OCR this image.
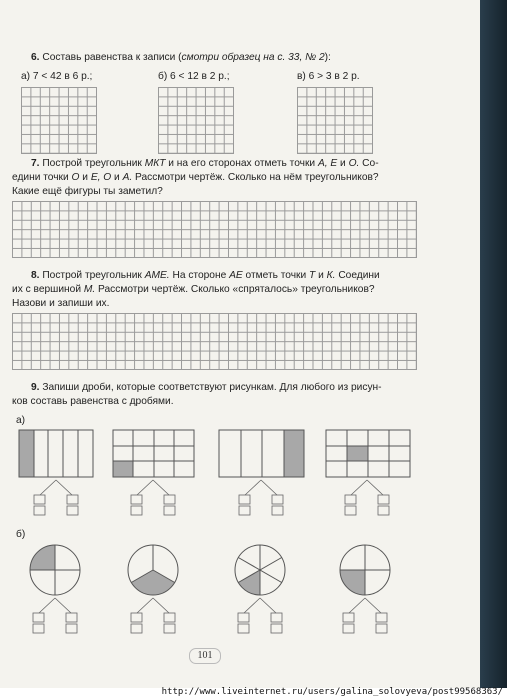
6. Составь равенства к записи (смотри образец на с. 33, № 2):
а) 7 < 42 в 6 р.;	б) 6 < 12 в 2 р.;	в) 6 > 3 в 2 р.
7. Построй треугольник МКТ и на его сторонах отметь точки А, Е и О. Со-
едини точки О и Е, О и А. Рассмотри чертёж. Сколько на нём треугольников?
Какие ещё фигуры ты заметил?
8. Построй треугольник АМЕ. На стороне АЕ отметь точки Т и К. Соедини
их с вершиной М. Рассмотри чертёж. Сколько «спряталось» треугольников?
Назови и запиши их.
9. Запиши дроби, которые соответствуют рисункам. Для любого из рисун-
ков составь равенства с дробями.
а)
б)
101
http://www.liveinternet.ru/users/galina_solovyeva/post99568363/
